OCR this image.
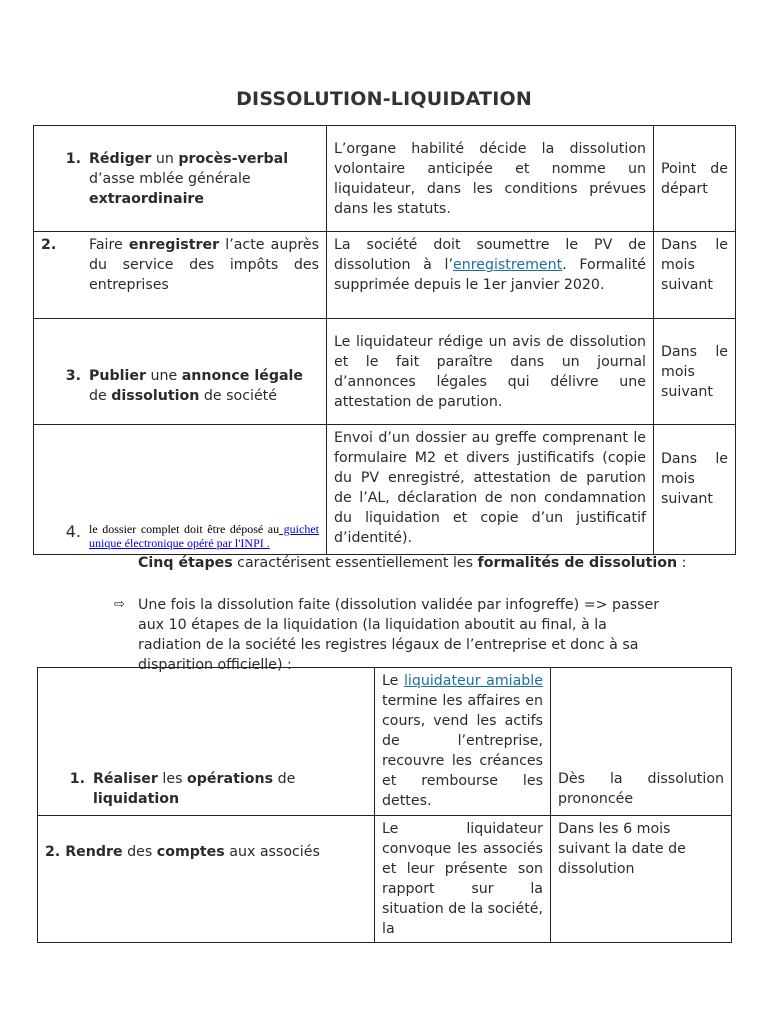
DISSOLUTION-LIQUIDATION
1. Rédiger un procès-verbal d’asse mblée générale extraordinaire	L’organe habilité décide la dissolution volontaire anticipée et nomme un liquidateur, dans les conditions prévues dans les statuts.	Point de départ

2. Faire enregistrer l’acte auprès du service des impôts des entreprises	La société doit soumettre le PV de dissolution à l’enregistrement. Formalité supprimée depuis le 1er janvier 2020.	Dans le mois suivant

3. Publier une annonce légale de dissolution de société	Le liquidateur rédige un avis de dissolution et le fait paraître dans un journal d’annonces légales qui délivre une attestation de parution.	Dans le mois suivant

4. le dossier complet doit être déposé au guichet unique électronique opéré par l'INPI .	Envoi d’un dossier au greffe comprenant le formulaire M2 et divers justificatifs (copie du PV enregistré, attestation de parution de l’AL, déclaration de non condamnation du liquidation et copie d’un justificatif d’identité).	Dans le mois suivant
Cinq étapes caractérisent essentiellement les formalités de dissolution :
⇨ Une fois la dissolution faite (dissolution validée par infogreffe) => passer aux 10 étapes de la liquidation (la liquidation aboutit au final, à la radiation de la société les registres légaux de l’entreprise et donc à sa disparition officielle) :
1. Réaliser les opérations de liquidation	Le liquidateur amiable termine les affaires en cours, vend les actifs de l’entreprise, recouvre les créances et rembourse les dettes.	Dès la dissolution prononcée
2. Rendre des comptes aux associés	Le liquidateur convoque les associés et leur présente son rapport sur la situation de la société, la	Dans les 6 mois suivant la date de dissolution
